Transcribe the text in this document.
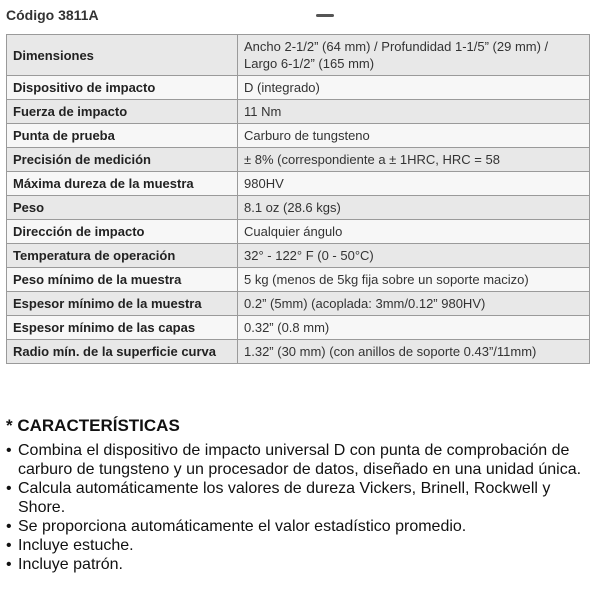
Código 3811A
Dimensiones	Ancho 2-1/2” (64 mm) / Profundidad 1-1/5” (29 mm) / Largo 6-1/2” (165 mm)
Dispositivo de impacto	D (integrado)
Fuerza de impacto	11 Nm
Punta de prueba	Carburo de tungsteno
Precisión de medición	± 8% (correspondiente a ± 1HRC, HRC = 58
Máxima dureza de la muestra	980HV
Peso	8.1 oz (28.6 kgs)
Dirección de impacto	Cualquier ángulo
Temperatura de operación	32° - 122° F (0 - 50°C)
Peso mínimo de la muestra	5 kg (menos de 5kg fija sobre un soporte macizo)
Espesor mínimo de la muestra	0.2” (5mm) (acoplada: 3mm/0.12” 980HV)
Espesor mínimo de las capas	0.32” (0.8 mm)
Radio mín. de la superficie curva	1.32” (30 mm) (con anillos de soporte 0.43”/11mm)
* CARACTERÍSTICAS
• Combina el dispositivo de impacto universal D con punta de comprobación de carburo de tungsteno y un procesador de datos, diseñado en una unidad única.
• Calcula automáticamente los valores de dureza Vickers, Brinell, Rockwell y Shore.
• Se proporciona automáticamente el valor estadístico promedio.
• Incluye estuche.
• Incluye patrón.
